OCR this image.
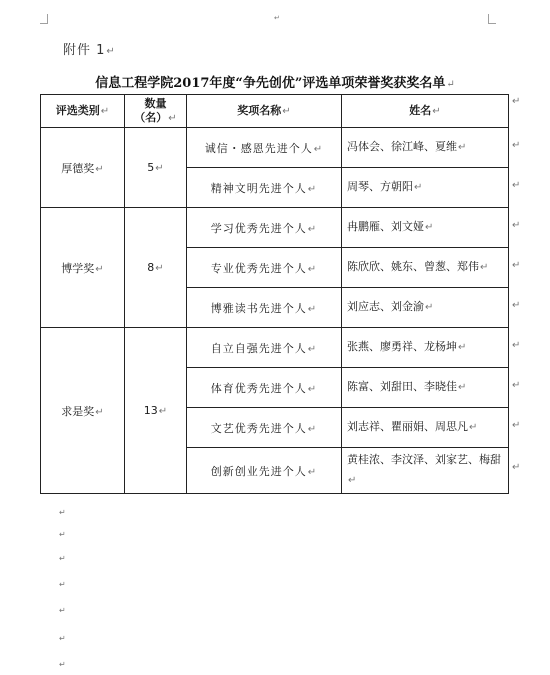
↵
附件 1↵
信息工程学院2017年度“争先创优”评选单项荣誉奖获奖名单↵
评选类别↵	数量
（名）↵	奖项名称↵	姓名↵
厚德奖↵	5↵	诚信・感恩先进个人↵	冯体会、徐江峰、夏维↵
		精神文明先进个人↵	周琴、方朝阳↵
博学奖↵	8↵	学习优秀先进个人↵	冉鹏雁、刘文娅↵
		专业优秀先进个人↵	陈欣欣、姚东、曾葱、郑伟↵
		博雅读书先进个人↵	刘应志、刘金渝↵
求是奖↵	13↵	自立自强先进个人↵	张燕、廖勇祥、龙杨坤↵
		体育优秀先进个人↵	陈富、刘甜田、李晓佳↵
		文艺优秀先进个人↵	刘志祥、瞿丽娟、周思凡↵
		创新创业先进个人↵	黄桂浓、李汶泽、刘家艺、梅甜↵
↵
↵
↵
↵
↵
↵
↵
↵
↵
↵
↵
↵
↵
↵
↵
↵
↵
